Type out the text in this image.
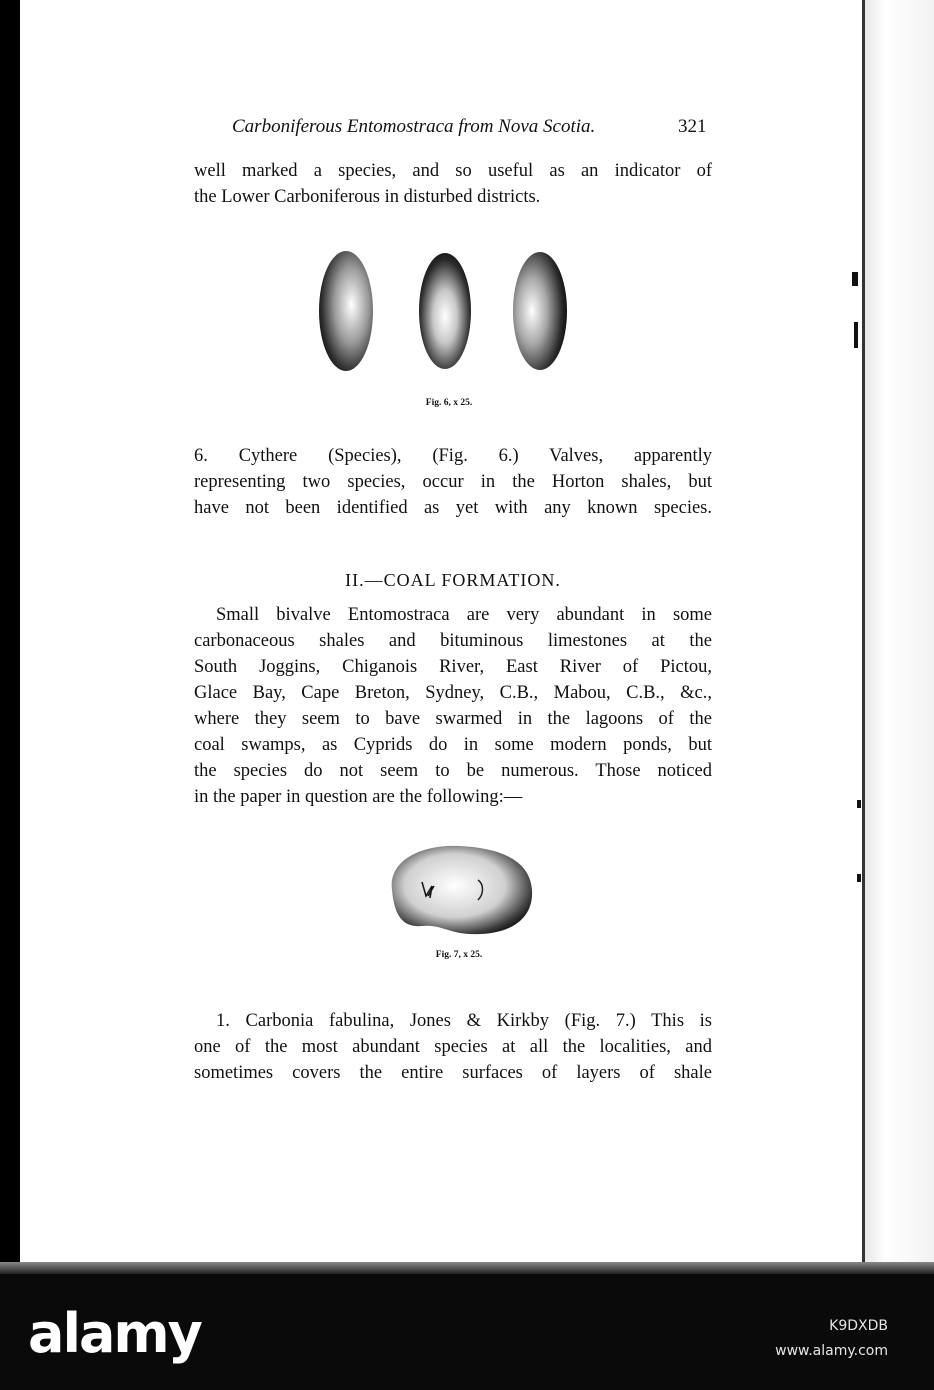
Carboniferous Entomostraca from Nova Scotia.	321
well marked a species, and so useful as an indicator of
the Lower Carboniferous in disturbed districts.
Fig. 6, x 25.
6. Cythere (Species), (Fig. 6.) Valves, apparently
representing two species, occur in the Horton shales, but
have not been identified as yet with any known species.
II.—COAL FORMATION.
Small bivalve Entomostraca are very abundant in some
carbonaceous shales and bituminous limestones at the
South Joggins, Chiganois River, East River of Pictou,
Glace Bay, Cape Breton, Sydney, C.B., Mabou, C.B., &c.,
where they seem to bave swarmed in the lagoons of the
coal swamps, as Cyprids do in some modern ponds, but
the species do not seem to be numerous. Those noticed
in the paper in question are the following:—
Fig. 7, x 25.
1. Carbonia fabulina, Jones & Kirkby (Fig. 7.) This is
one of the most abundant species at all the localities, and
sometimes covers the entire surfaces of layers of shale
alamy	K9DXDB
www.alamy.com
